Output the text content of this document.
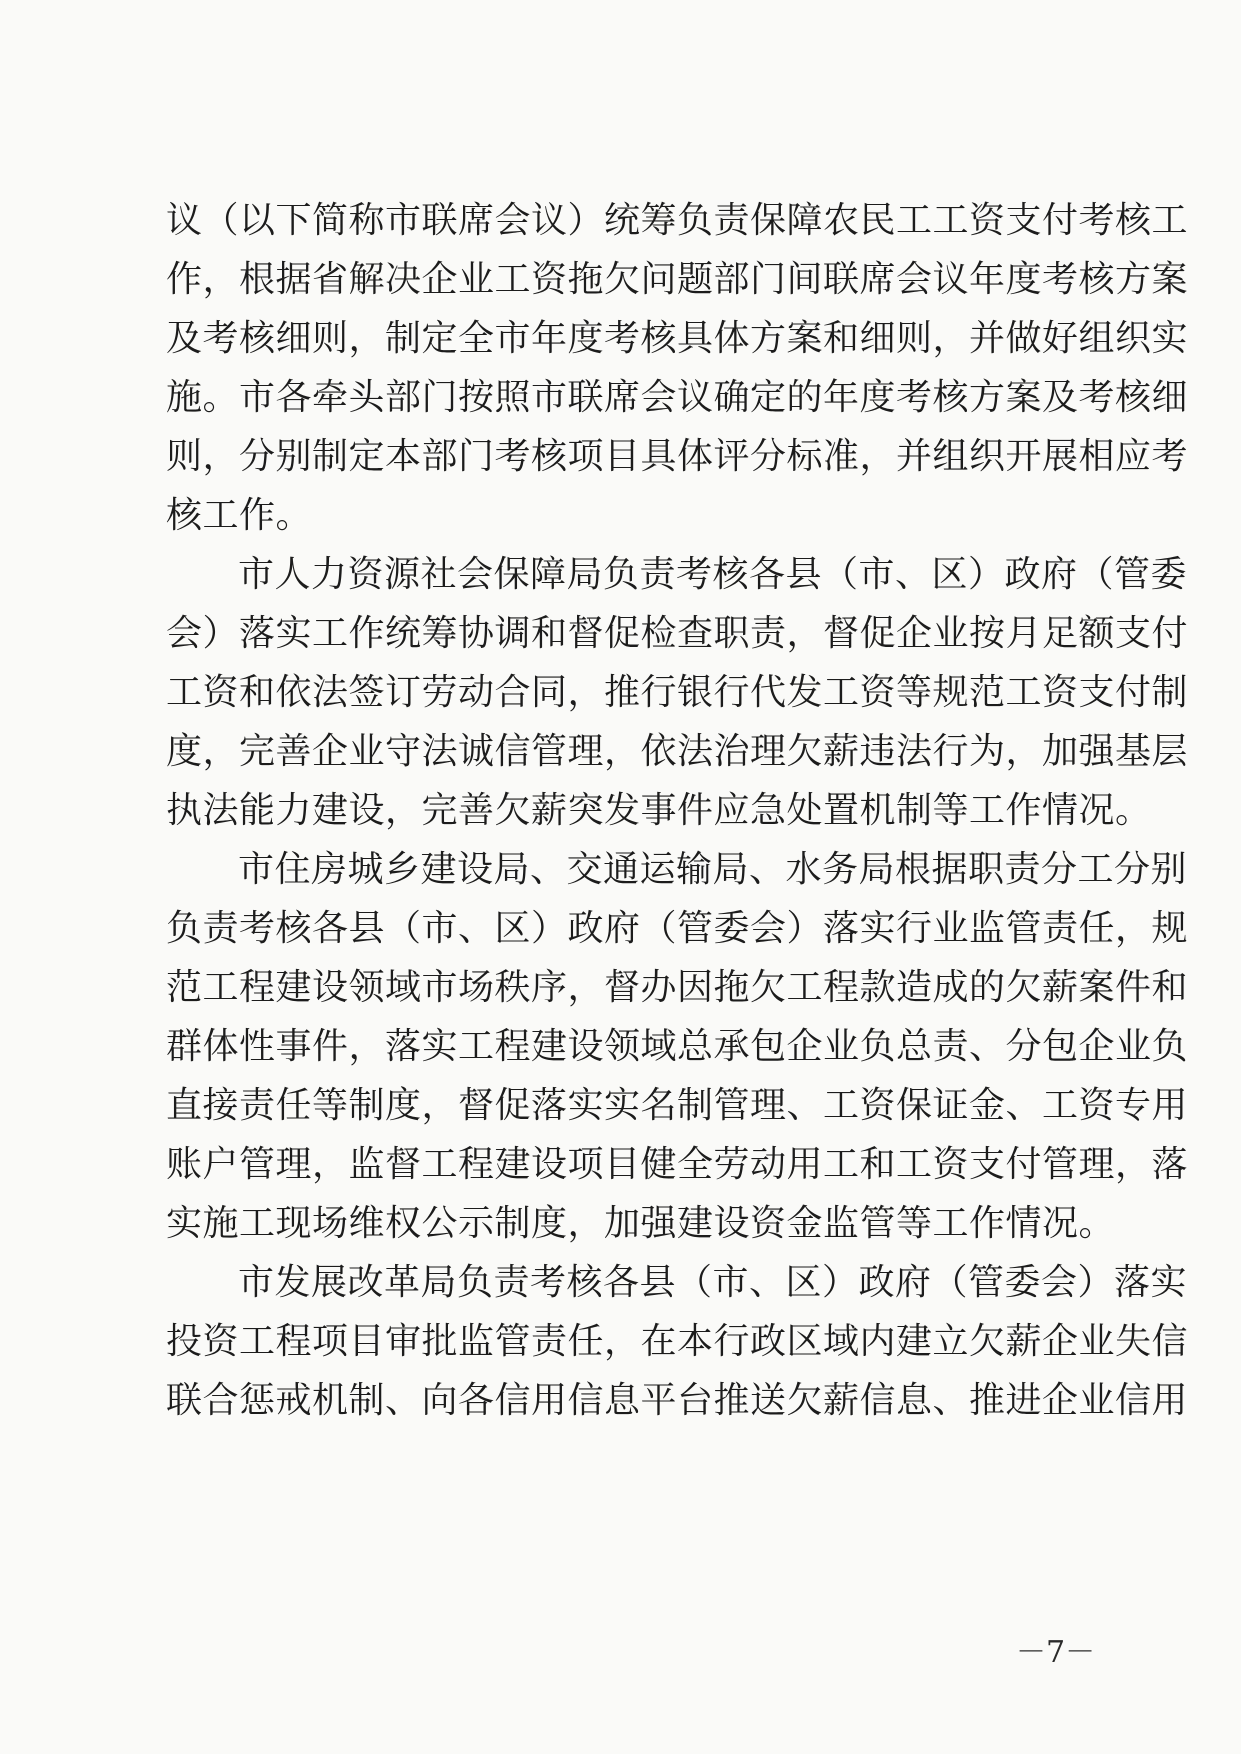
议（以下简称市联席会议）统筹负责保障农民工工资支付考核工
作，根据省解决企业工资拖欠问题部门间联席会议年度考核方案
及考核细则，制定全市年度考核具体方案和细则，并做好组织实
施。市各牵头部门按照市联席会议确定的年度考核方案及考核细
则，分别制定本部门考核项目具体评分标准，并组织开展相应考
核工作。
市人力资源社会保障局负责考核各县（市、区）政府（管委
会）落实工作统筹协调和督促检查职责，督促企业按月足额支付
工资和依法签订劳动合同，推行银行代发工资等规范工资支付制
度，完善企业守法诚信管理，依法治理欠薪违法行为，加强基层
执法能力建设，完善欠薪突发事件应急处置机制等工作情况。
市住房城乡建设局、交通运输局、水务局根据职责分工分别
负责考核各县（市、区）政府（管委会）落实行业监管责任，规
范工程建设领域市场秩序，督办因拖欠工程款造成的欠薪案件和
群体性事件，落实工程建设领域总承包企业负总责、分包企业负
直接责任等制度，督促落实实名制管理、工资保证金、工资专用
账户管理，监督工程建设项目健全劳动用工和工资支付管理，落
实施工现场维权公示制度，加强建设资金监管等工作情况。
市发展改革局负责考核各县（市、区）政府（管委会）落实
投资工程项目审批监管责任，在本行政区域内建立欠薪企业失信
联合惩戒机制、向各信用信息平台推送欠薪信息、推进企业信用
－7－
